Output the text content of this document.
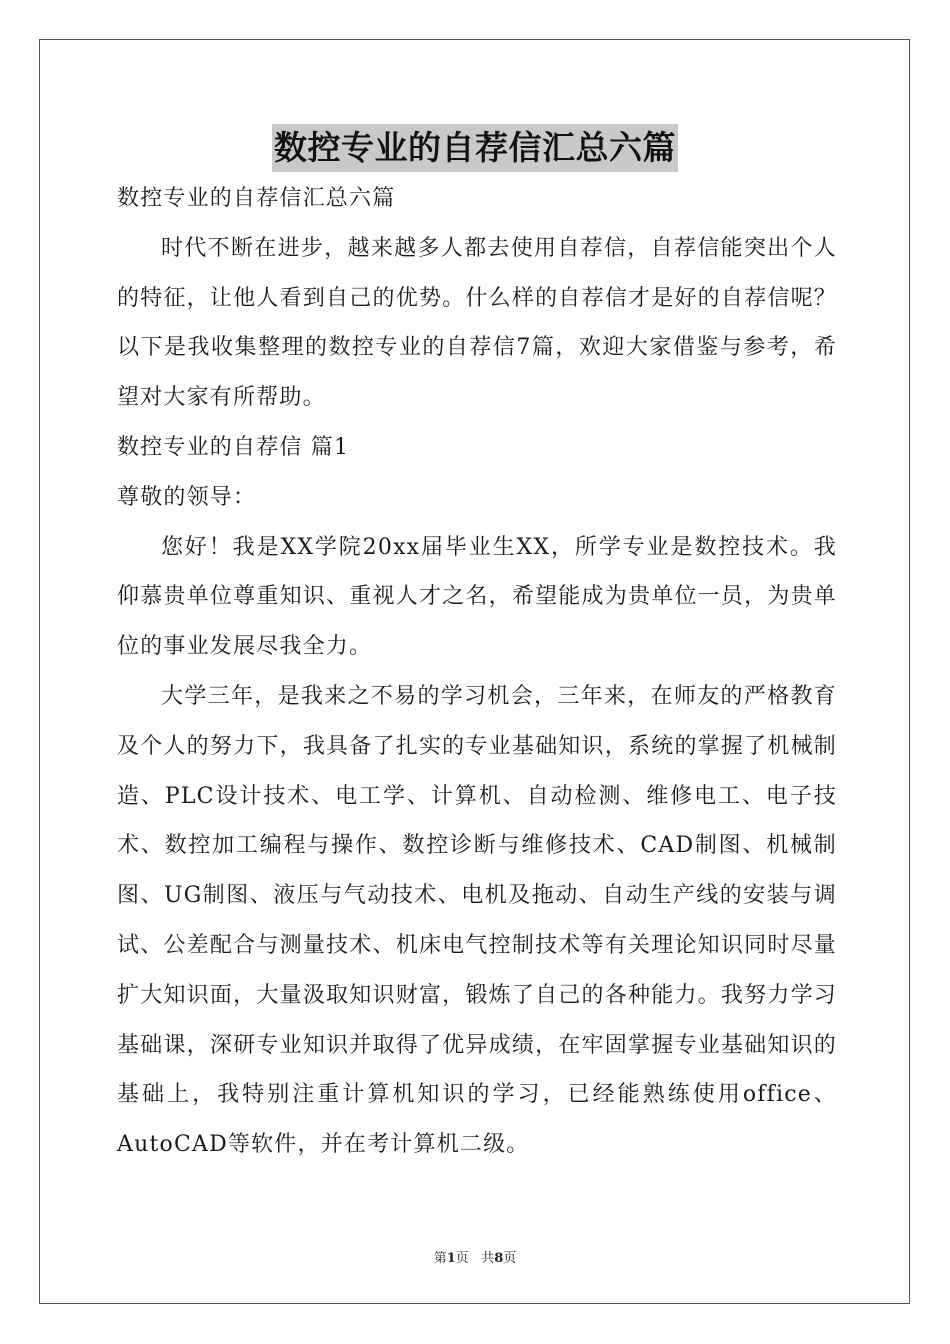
数控专业的自荐信汇总六篇
数控专业的自荐信汇总六篇
时代不断在进步，越来越多人都去使用自荐信，自荐信能突出个人的特征，让他人看到自己的优势。什么样的自荐信才是好的自荐信呢？以下是我收集整理的数控专业的自荐信7篇，欢迎大家借鉴与参考，希望对大家有所帮助。
数控专业的自荐信 篇1
尊敬的领导：
您好！我是XX学院20xx届毕业生XX，所学专业是数控技术。我仰慕贵单位尊重知识、重视人才之名，希望能成为贵单位一员，为贵单位的事业发展尽我全力。
大学三年，是我来之不易的学习机会，三年来，在师友的严格教育及个人的努力下，我具备了扎实的专业基础知识，系统的掌握了机械制造、PLC设计技术、电工学、计算机、自动检测、维修电工、电子技术、数控加工编程与操作、数控诊断与维修技术、CAD制图、机械制图、UG制图、液压与气动技术、电机及拖动、自动生产线的安装与调试、公差配合与测量技术、机床电气控制技术等有关理论知识同时尽量扩大知识面，大量汲取知识财富，锻炼了自己的各种能力。我努力学习基础课，深研专业知识并取得了优异成绩，在牢固掌握专业基础知识的基础上，我特别注重计算机知识的学习，已经能熟练使用office、AutoCAD等软件，并在考计算机二级。
第1页 共8页
